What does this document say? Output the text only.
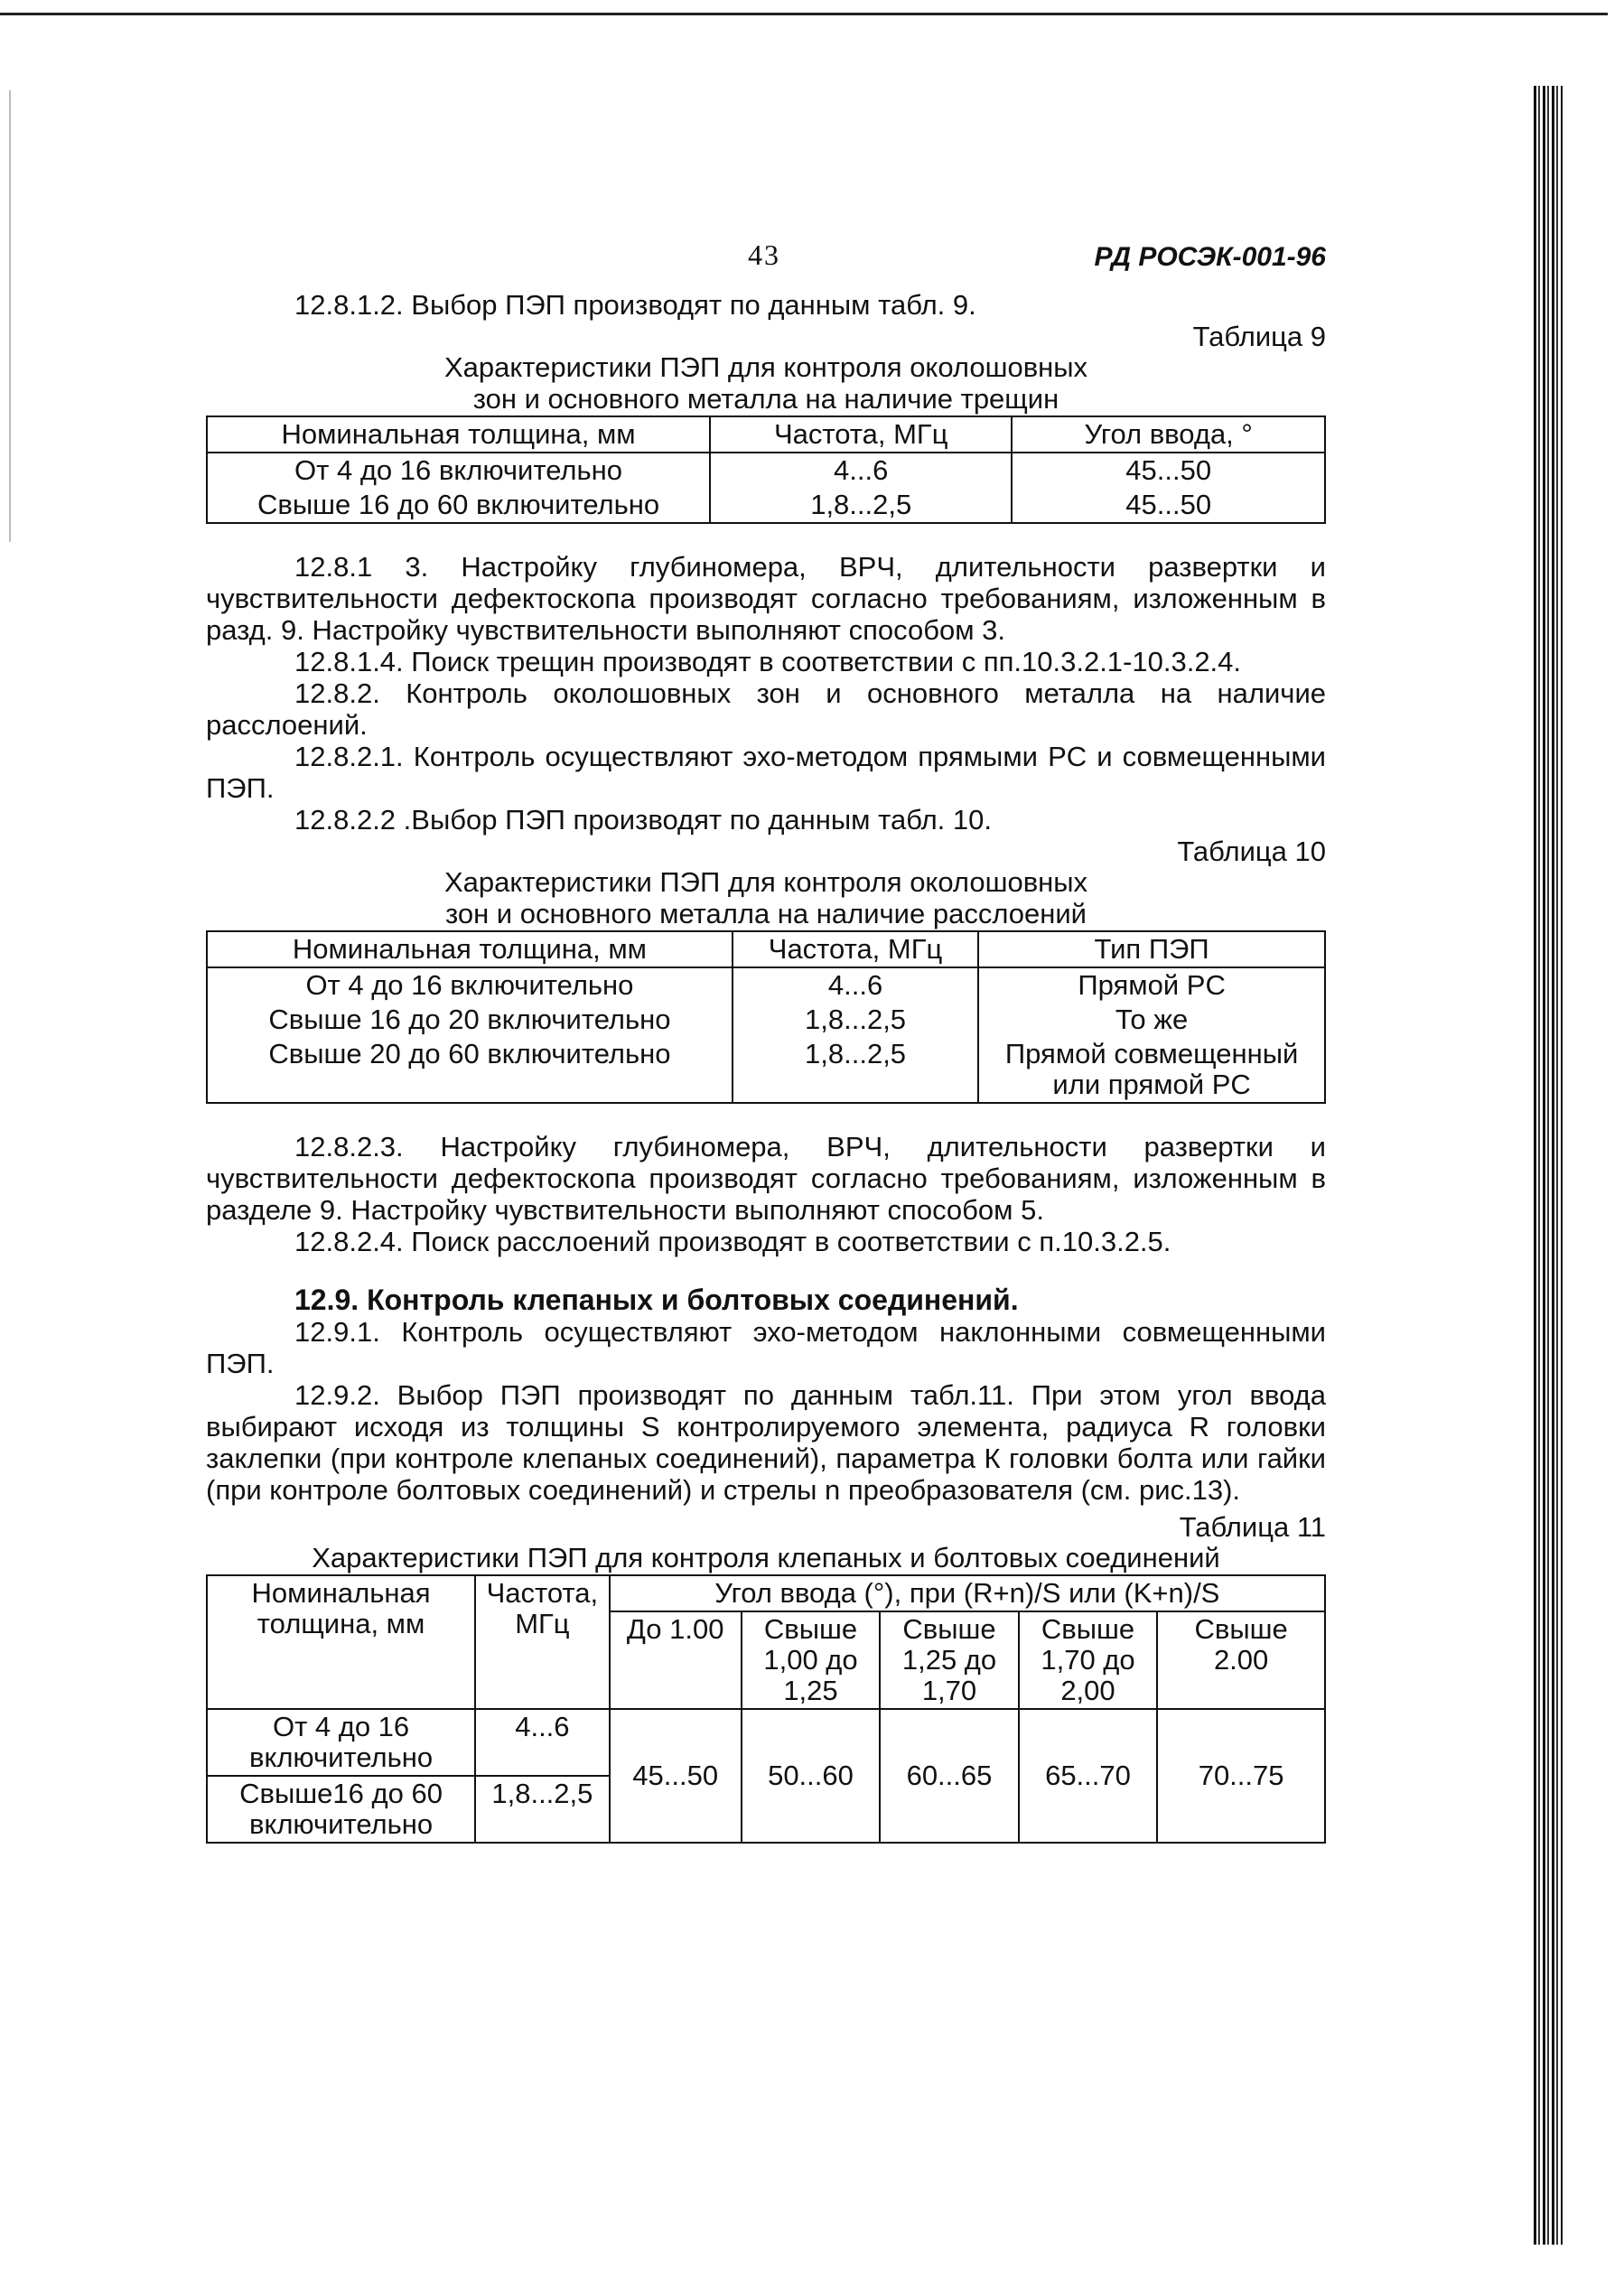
43	РД РОСЭК-001-96

12.8.1.2. Выбор ПЭП производят по данным табл. 9.

Таблица 9

Характеристики ПЭП для контроля околошовных

зон и основного металла на наличие трещин

Номинальная толщина, мм	Частота, МГц	Угол ввода, °
От 4 до 16 включительно	4...6	45...50
Свыше 16 до 60 включительно	1,8...2,5	45...50

12.8.1 3. Настройку глубиномера, ВРЧ, длительности развертки и чувствительности дефектоскопа производят согласно требованиям, изложенным в разд. 9. Настройку чувствительности выполняют способом 3.

12.8.1.4. Поиск трещин производят в соответствии с пп.10.3.2.1-10.3.2.4.

12.8.2. Контроль околошовных зон и основного металла на наличие расслоений.

12.8.2.1. Контроль осуществляют эхо-методом прямыми PC и совмещенными ПЭП.

12.8.2.2 .Выбор ПЭП производят по данным табл. 10.

Таблица 10

Характеристики ПЭП для контроля околошовных

зон и основного металла на наличие расслоений

Номинальная толщина, мм	Частота, МГц	Тип ПЭП
От 4 до 16 включительно	4...6	Прямой PC
Свыше 16 до 20 включительно	1,8...2,5	То же
Свыше 20 до 60 включительно	1,8...2,5	Прямой совмещенный
или прямой PC

12.8.2.3. Настройку глубиномера, ВРЧ, длительности развертки и чувствительности дефектоскопа производят согласно требованиям, изложенным в разделе 9. Настройку чувствительности выполняют способом 5.

12.8.2.4. Поиск расслоений производят в соответствии с п.10.3.2.5.

12.9. Контроль клепаных и болтовых соединений.

12.9.1. Контроль осуществляют эхо-методом наклонными совмещенными ПЭП.

12.9.2. Выбор ПЭП производят по данным табл.11. При этом угол ввода выбирают исходя из толщины S контролируемого элемента, радиуса R головки заклепки (при контроле клепаных соединений), параметра К головки болта или гайки (при контроле болтовых соединений) и стрелы n преобразователя (см. рис.13).

Таблица 11

Характеристики ПЭП для контроля клепаных и болтовых соединений

Номинальная толщина, мм	Частота, МГц	Угол ввода (°), при (R+n)/S или (K+n)/S				
		До 1.00	Свыше 1,00 до 1,25	Свыше 1,25 до 1,70	Свыше 1,70 до 2,00	Свыше 2.00
От 4 до 16 включительно	4...6	45...50	50...60	60...65	65...70	70...75
Свыше16 до 60 включительно	1,8...2,5					
